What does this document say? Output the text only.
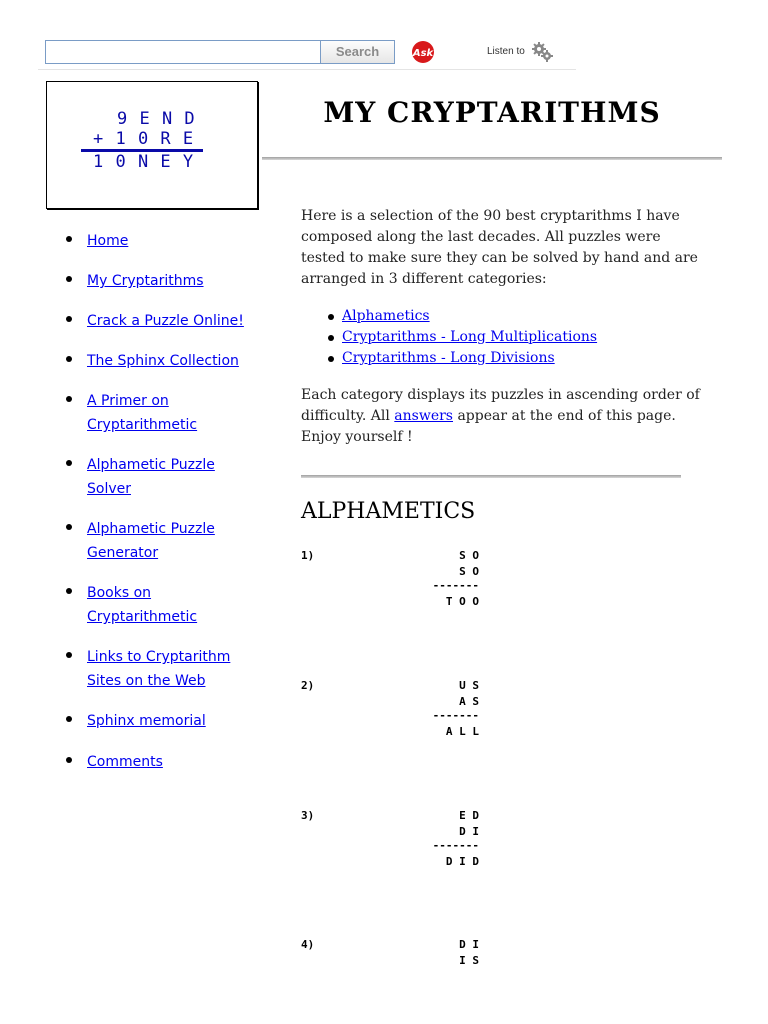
Search	Ask	Listen to
9 E N D
+ 1 0 R E
1 0 N E Y
Home
My Cryptarithms
Crack a Puzzle Online!
The Sphinx Collection
A Primer on
Cryptarithmetic
Alphametic Puzzle
Solver
Alphametic Puzzle
Generator
Books on
Cryptarithmetic
Links to Cryptarithm
Sites on the Web
Sphinx memorial
Comments
MY CRYPTARITHMS

Here is a selection of the 90 best cryptarithms I have composed along the last decades. All puzzles were tested to make sure they can be solved by hand and are arranged in 3 different categories:

Alphametics
Cryptarithms - Long Multiplications
Cryptarithms - Long Divisions
Each category displays its puzzles in ascending order of difficulty. All answers appear at the end of this page. Enjoy yourself !
ALPHAMETICS
1)	S O
S O
-------
T O O
2)	U S
A S
-------
A L L
3)	E D
D I
-------
D I D
4)	D I
I S
